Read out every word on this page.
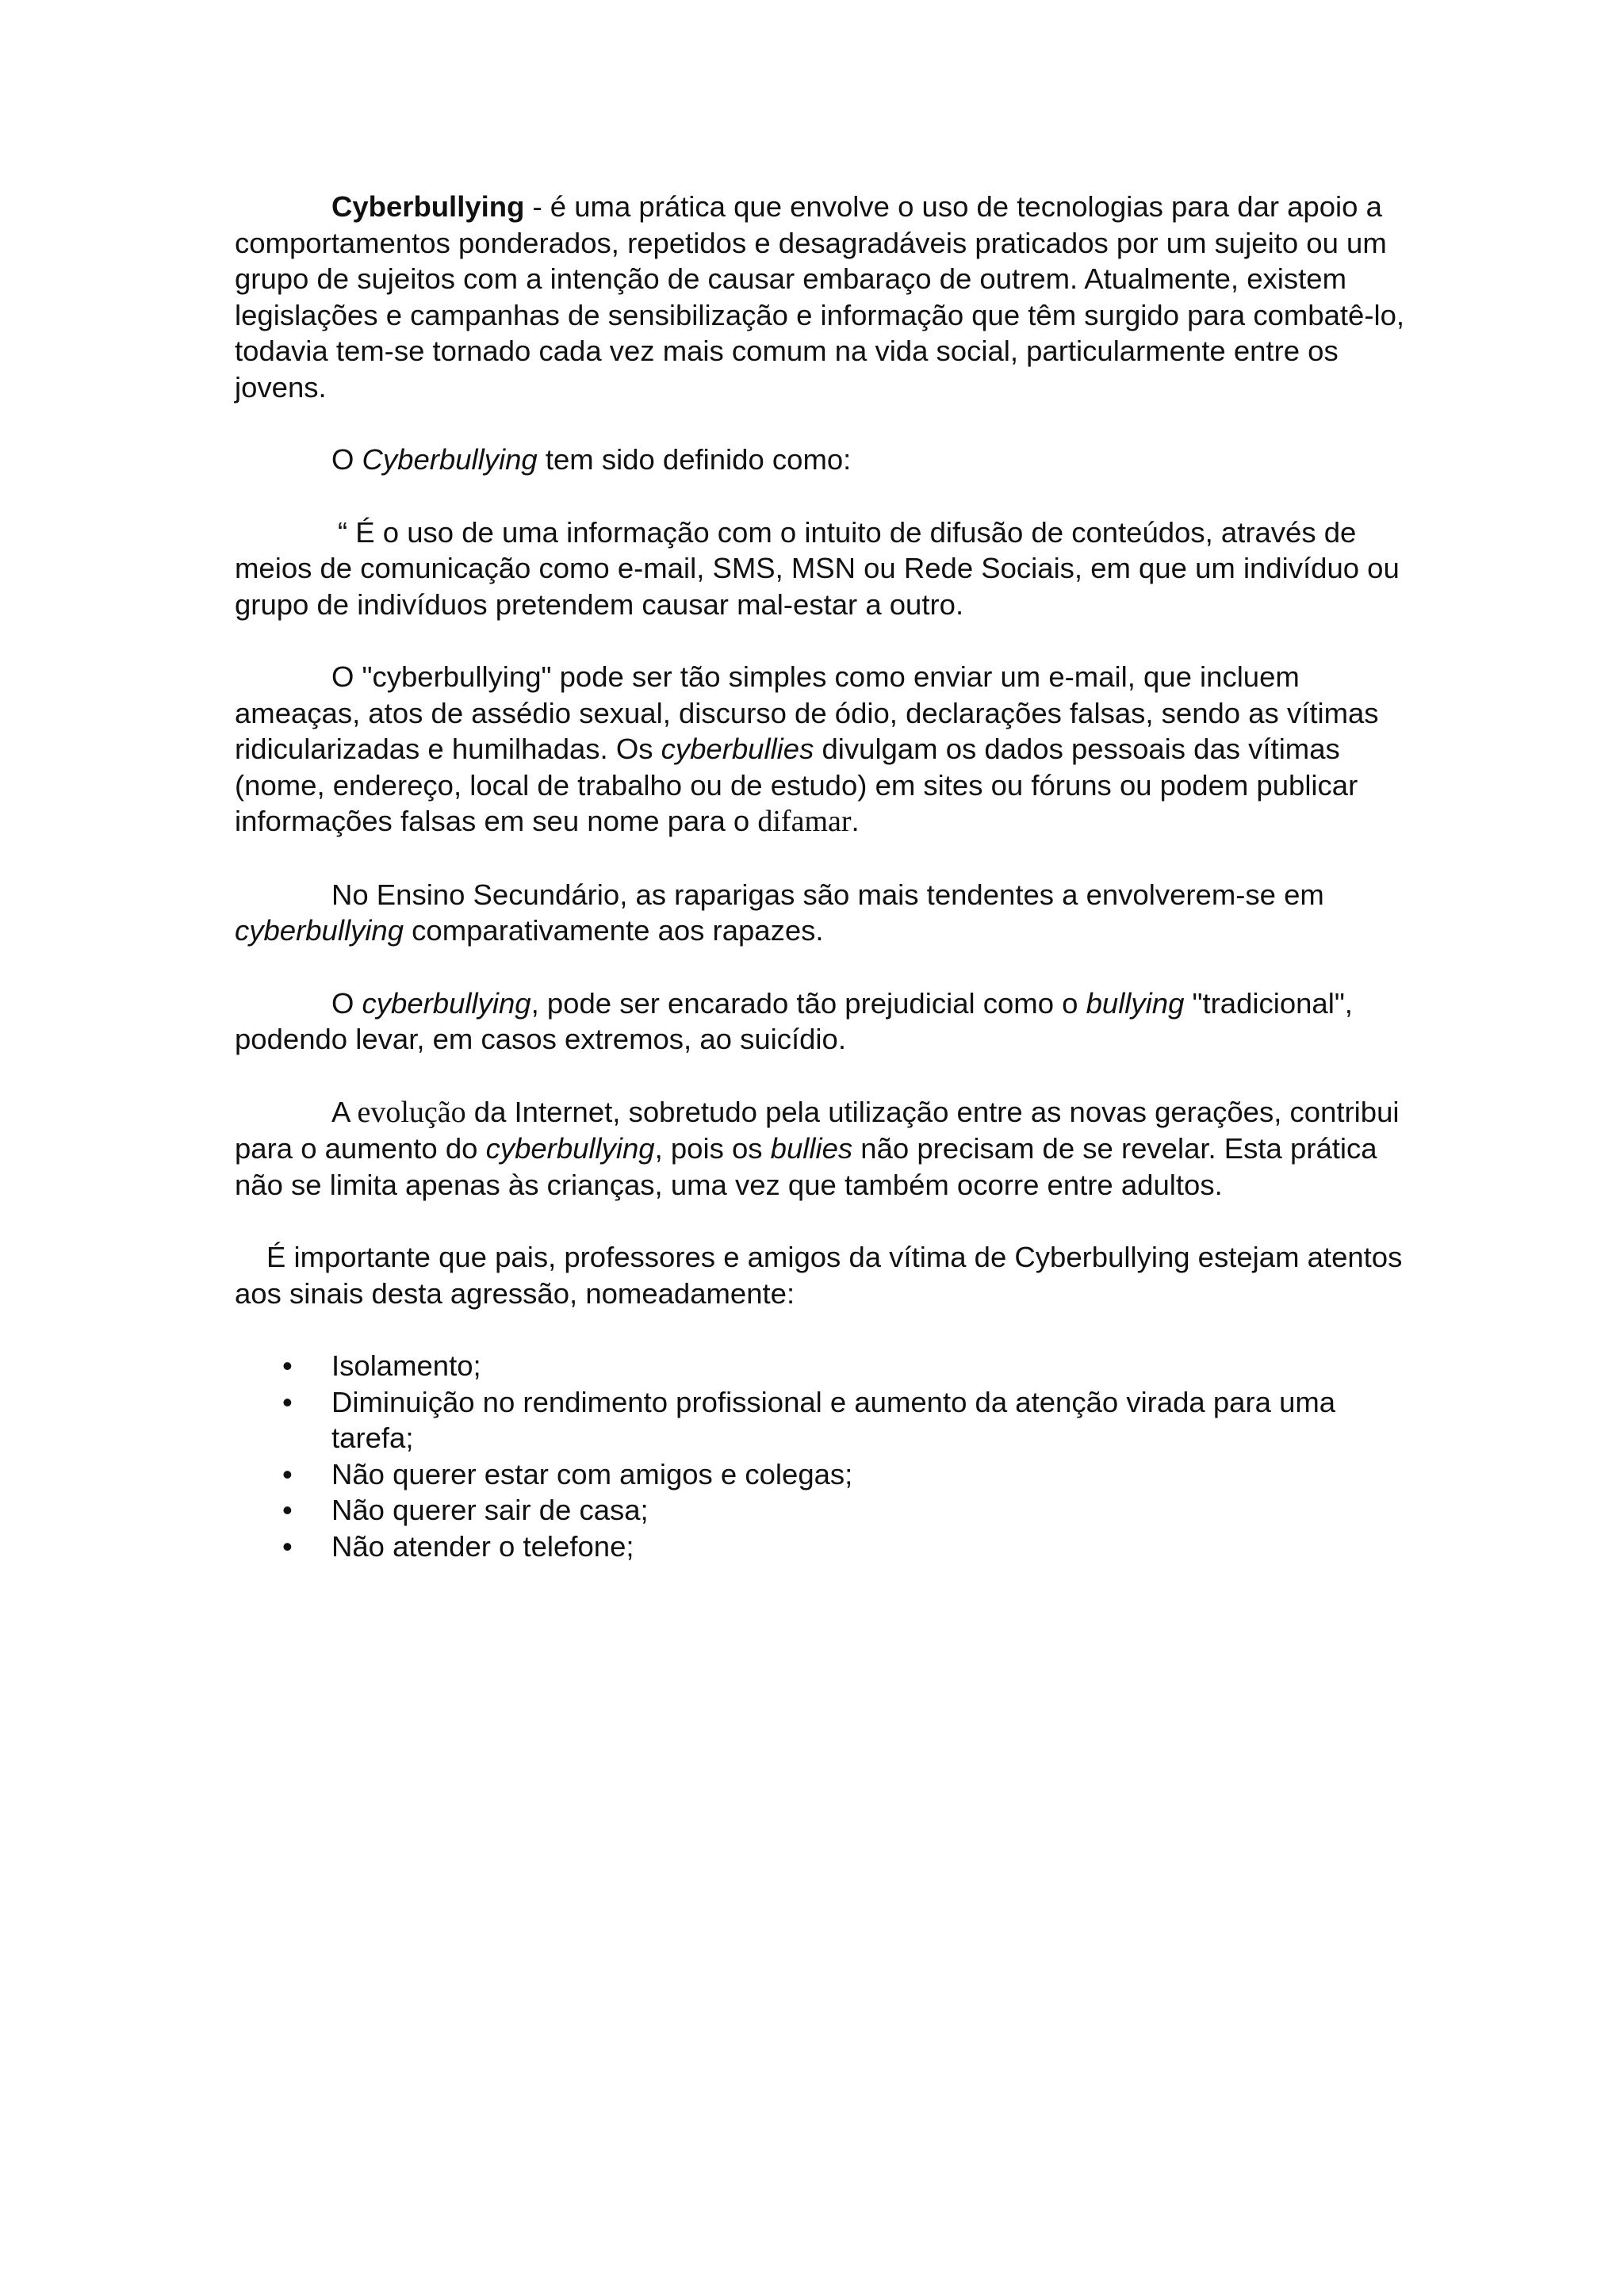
Cyberbullying - é uma prática que envolve o uso de tecnologias para dar apoio a comportamentos ponderados, repetidos e desagradáveis praticados por um sujeito ou um grupo de sujeitos com a intenção de causar embaraço de outrem. Atualmente, existem legislações e campanhas de sensibilização e informação que têm surgido para combatê-lo, todavia tem-se tornado cada vez mais comum na vida social, particularmente entre os jovens.

O Cyberbullying tem sido definido como:

“ É o uso de uma informação com o intuito de difusão de conteúdos, através de meios de comunicação como e-mail, SMS, MSN ou Rede Sociais, em que um indivíduo ou grupo de indivíduos pretendem causar mal-estar a outro.

O "cyberbullying" pode ser tão simples como enviar um e-mail, que incluem ameaças, atos de assédio sexual, discurso de ódio, declarações falsas, sendo as vítimas ridicularizadas e humilhadas. Os cyberbullies divulgam os dados pessoais das vítimas (nome, endereço, local de trabalho ou de estudo) em sites ou fóruns ou podem publicar informações falsas em seu nome para o difamar.

No Ensino Secundário, as raparigas são mais tendentes a envolverem-se em cyberbullying comparativamente aos rapazes.

O cyberbullying, pode ser encarado tão prejudicial como o bullying "tradicional", podendo levar, em casos extremos, ao suicídio.

A evolução da Internet, sobretudo pela utilização entre as novas gerações, contribui para o aumento do cyberbullying, pois os bullies não precisam de se revelar. Esta prática não se limita apenas às crianças, uma vez que também ocorre entre adultos.

É importante que pais, professores e amigos da vítima de Cyberbullying estejam atentos aos sinais desta agressão, nomeadamente:

• Isolamento;
• Diminuição no rendimento profissional e aumento da atenção virada para uma tarefa;
• Não querer estar com amigos e colegas;
• Não querer sair de casa;
• Não atender o telefone;
